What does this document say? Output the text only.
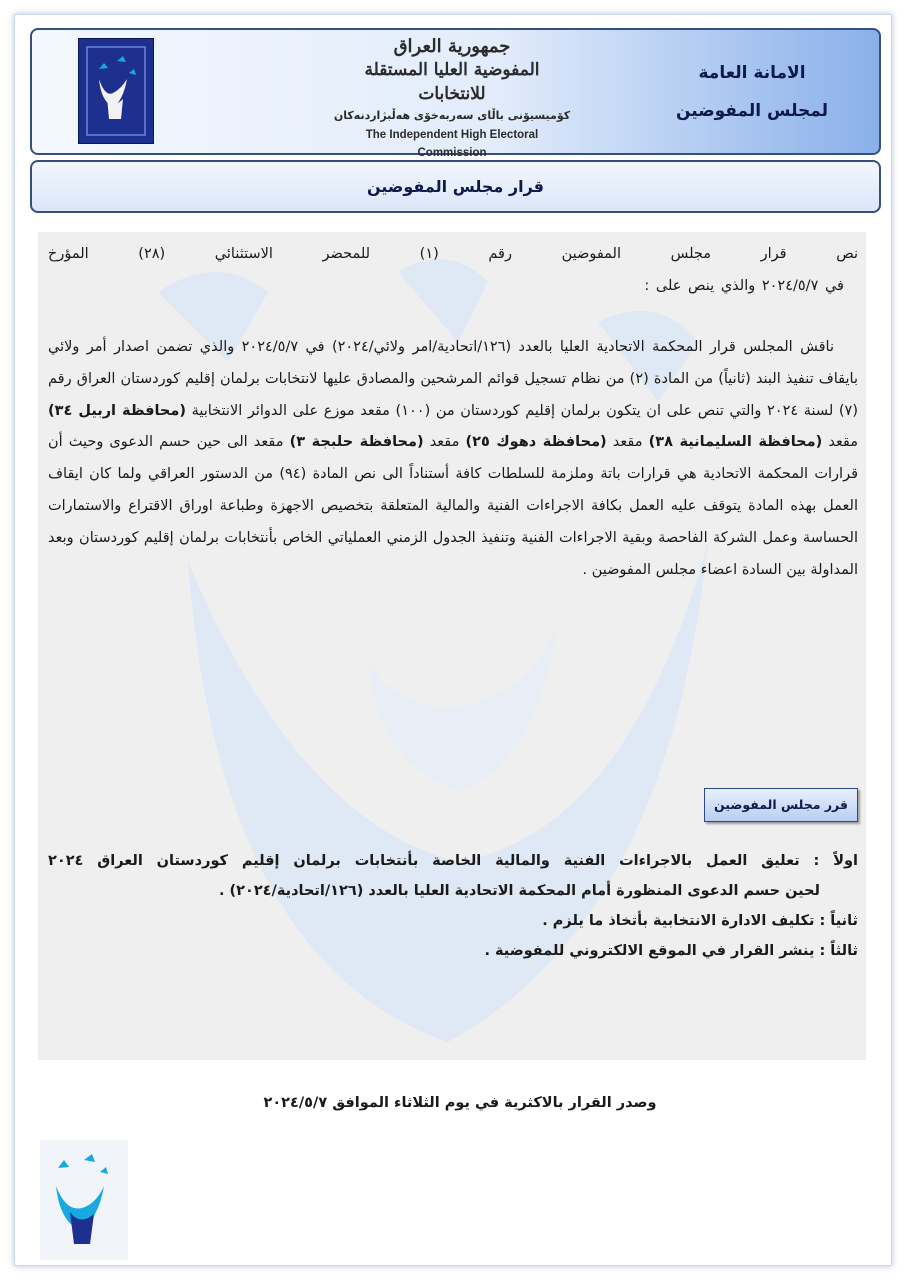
جمهورية العراق
المفوضية العليا المستقلة للانتخابات
كۆمیسیۆنی باڵای سەربەخۆی هەڵبژاردنەکان
The Independent High Electoral Commission
الامانة العامة
لمجلس المفوضين
قرار مجلس المفوضين
نص قرار مجلس المفوضين رقم (١) للمحضر الاستثنائي (٢٨) المؤرخ
في ٢٠٢٤/٥/٧ والذي ينص على :
ناقش المجلس قرار المحكمة الاتحادية العليا بالعدد (١٢٦/اتحادية/امر ولائي/٢٠٢٤) في ٢٠٢٤/٥/٧ والذي تضمن اصدار أمر ولائي بايقاف تنفيذ البند (ثانياً) من المادة (٢) من نظام تسجيل قوائم المرشحين والمصادق عليها لانتخابات برلمان إقليم كوردستان العراق رقم (٧) لسنة ٢٠٢٤ والتي تنص على ان يتكون برلمان إقليم كوردستان من (١٠٠) مقعد موزع على الدوائر الانتخابية (محافظة اربيل ٣٤) مقعد (محافظة السليمانية ٣٨) مقعد (محافظة دهوك ٢٥) مقعد (محافظة حلبجة ٣) مقعد الى حين حسم الدعوى وحيث أن قرارات المحكمة الاتحادية هي قرارات باتة وملزمة للسلطات كافة أستناداً الى نص المادة (٩٤) من الدستور العراقي ولما كان ايقاف العمل بهذه المادة يتوقف عليه العمل بكافة الاجراءات الفنية والمالية المتعلقة بتخصيص الاجهزة وطباعة اوراق الاقتراع والاستمارات الحساسة وعمل الشركة الفاحصة وبقية الاجراءات الفنية وتنفيذ الجدول الزمني العملياتي الخاص بأنتخابات برلمان إقليم كوردستان وبعد المداولة بين السادة اعضاء مجلس المفوضين .
قرر مجلس المفوضين
اولاً : تعليق العمل بالاجراءات الفنية والمالية الخاصة بأنتخابات برلمان إقليم كوردستان العراق ٢٠٢٤
لحين حسم الدعوى المنظورة أمام المحكمة الاتحادية العليا بالعدد (١٢٦/اتحادية/٢٠٢٤) .
ثانياً : تكليف الادارة الانتخابية بأتخاذ ما يلزم .
ثالثاً : ينشر القرار في الموقع الالكتروني للمفوضية .
وصدر القرار بالاكثرية في يوم الثلاثاء الموافق ٢٠٢٤/٥/٧
